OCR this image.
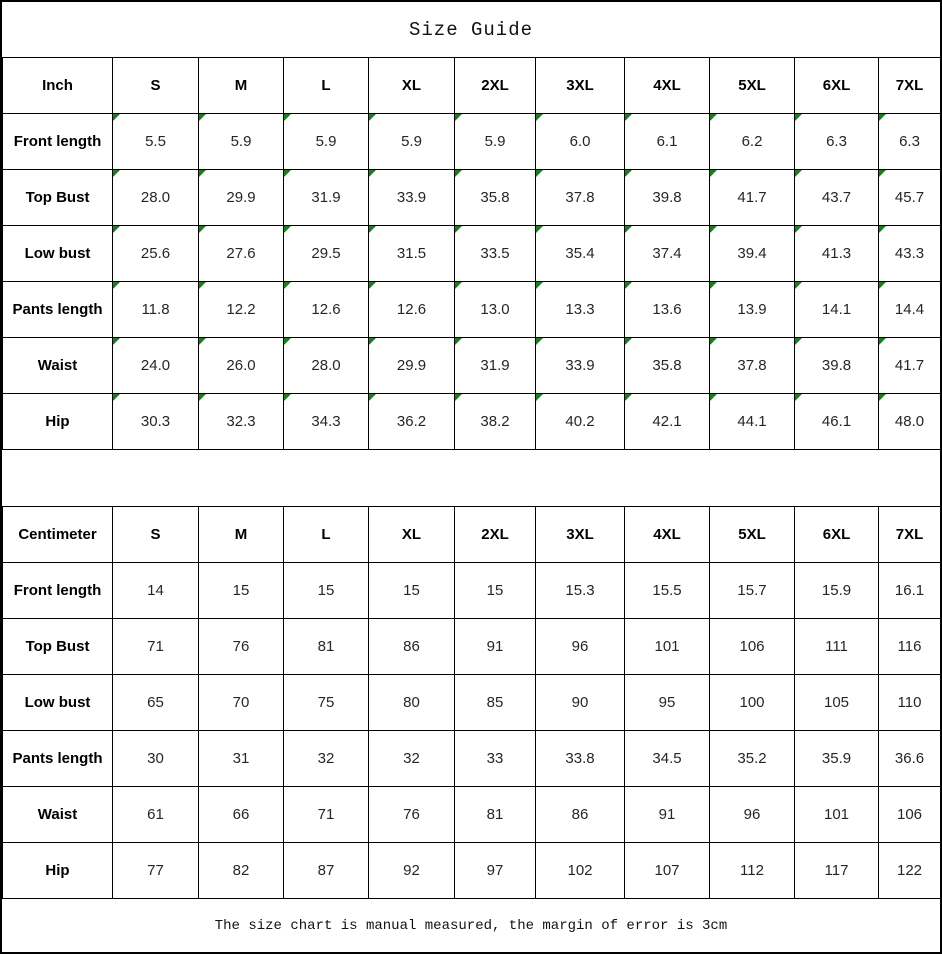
Size Guide
Inch	S	M	L	XL	2XL	3XL	4XL	5XL	6XL	7XL
Front length	5.5	5.9	5.9	5.9	5.9	6.0	6.1	6.2	6.3	6.3

Top Bust	28.0	29.9	31.9	33.9	35.8	37.8	39.8	41.7	43.7	45.7

Low bust	25.6	27.6	29.5	31.5	33.5	35.4	37.4	39.4	41.3	43.3

Pants length	11.8	12.2	12.6	12.6	13.0	13.3	13.6	13.9	14.1	14.4

Waist	24.0	26.0	28.0	29.9	31.9	33.9	35.8	37.8	39.8	41.7

Hip	30.3	32.3	34.3	36.2	38.2	40.2	42.1	44.1	46.1	48.0
Centimeter	S	M	L	XL	2XL	3XL	4XL	5XL	6XL	7XL
Front length	14	15	15	15	15	15.3	15.5	15.7	15.9	16.1
Top Bust	71	76	81	86	91	96	101	106	111	116
Low bust	65	70	75	80	85	90	95	100	105	110
Pants length	30	31	32	32	33	33.8	34.5	35.2	35.9	36.6
Waist	61	66	71	76	81	86	91	96	101	106
Hip	77	82	87	92	97	102	107	112	117	122
The size chart is manual measured, the margin of error is 3cm
